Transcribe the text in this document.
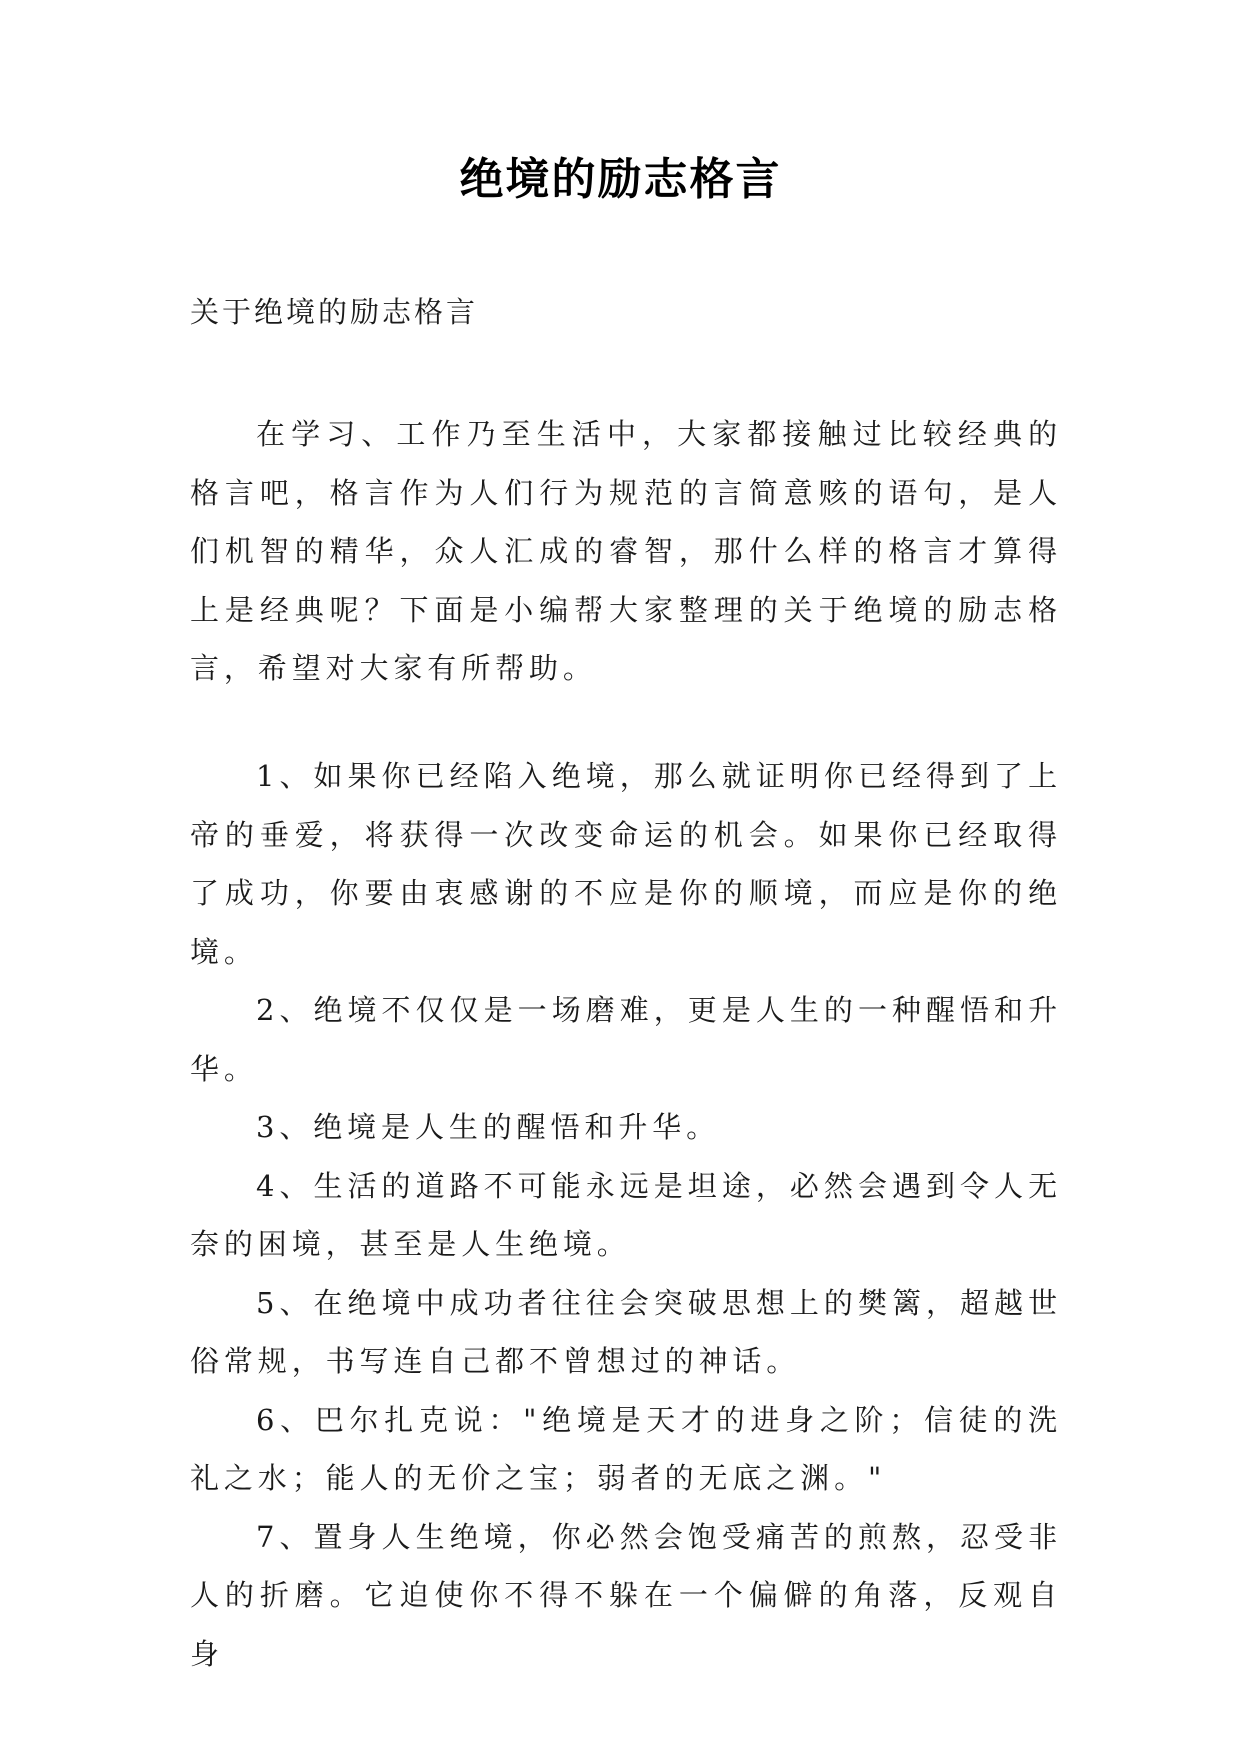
绝境的励志格言
关于绝境的励志格言

在学习、工作乃至生活中，大家都接触过比较经典的格言吧，格言作为人们行为规范的言简意赅的语句，是人们机智的精华，众人汇成的睿智，那什么样的格言才算得上是经典呢？下面是小编帮大家整理的关于绝境的励志格言，希望对大家有所帮助。

1、如果你已经陷入绝境，那么就证明你已经得到了上帝的垂爱，将获得一次改变命运的机会。如果你已经取得了成功，你要由衷感谢的不应是你的顺境，而应是你的绝境。

2、绝境不仅仅是一场磨难，更是人生的一种醒悟和升华。

3、绝境是人生的醒悟和升华。

4、生活的道路不可能永远是坦途，必然会遇到令人无奈的困境，甚至是人生绝境。

5、在绝境中成功者往往会突破思想上的樊篱，超越世俗常规，书写连自己都不曾想过的神话。

6、巴尔扎克说："绝境是天才的进身之阶；信徒的洗礼之水；能人的无价之宝；弱者的无底之渊。"

7、置身人生绝境，你必然会饱受痛苦的煎熬，忍受非人的折磨。它迫使你不得不躲在一个偏僻的角落，反观自身
